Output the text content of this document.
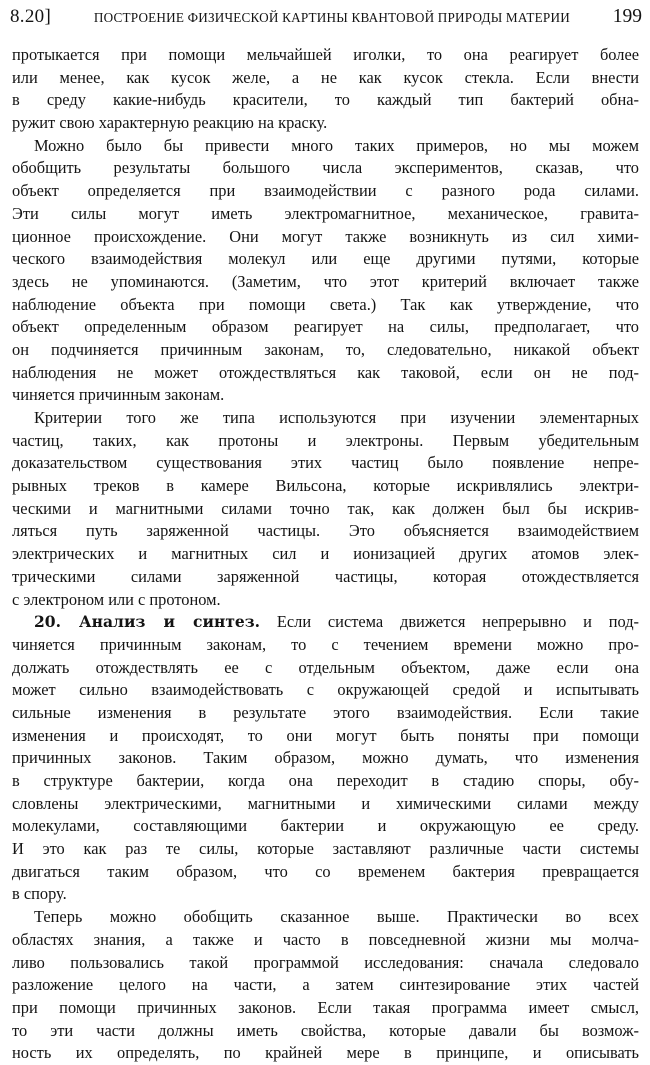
8.20]	ПОСТРОЕНИЕ ФИЗИЧЕСКОЙ КАРТИНЫ КВАНТОВОЙ ПРИРОДЫ МАТЕРИИ 199
протыкается при помощи мельчайшей иголки, то она реагирует более
или менее, как кусок желе, а не как кусок стекла. Если внести
в среду какие-нибудь красители, то каждый тип бактерий обна-
ружит свою характерную реакцию на краску.
Можно было бы привести много таких примеров, но мы можем
обобщить результаты большого числа экспериментов, сказав, что
объект определяется при взаимодействии с разного рода силами.
Эти силы могут иметь электромагнитное, механическое, гравита-
ционное происхождение. Они могут также возникнуть из сил хими-
ческого взаимодействия молекул или еще другими путями, которые
здесь не упоминаются. (Заметим, что этот критерий включает также
наблюдение объекта при помощи света.) Так как утверждение, что
объект определенным образом реагирует на силы, предполагает, что
он подчиняется причинным законам, то, следовательно, никакой объект
наблюдения не может отождествляться как таковой, если он не под-
чиняется причинным законам.
Критерии того же типа используются при изучении элементарных
частиц, таких, как протоны и электроны. Первым убедительным
доказательством существования этих частиц было появление непре-
рывных треков в камере Вильсона, которые искривлялись электри-
ческими и магнитными силами точно так, как должен был бы искрив-
ляться путь заряженной частицы. Это объясняется взаимодействием
электрических и магнитных сил и ионизацией других атомов элек-
трическими силами заряженной частицы, которая отождествляется
с электроном или с протоном.
20. Анализ и синтез. Если система движется непрерывно и под-
чиняется причинным законам, то с течением времени можно про-
должать отождествлять ее с отдельным объектом, даже если она
может сильно взаимодействовать с окружающей средой и испытывать
сильные изменения в результате этого взаимодействия. Если такие
изменения и происходят, то они могут быть поняты при помощи
причинных законов. Таким образом, можно думать, что изменения
в структуре бактерии, когда она переходит в стадию споры, обу-
словлены электрическими, магнитными и химическими силами между
молекулами, составляющими бактерии и окружающую ее среду.
И это как раз те силы, которые заставляют различные части системы
двигаться таким образом, что со временем бактерия превращается
в спору.
Теперь можно обобщить сказанное выше. Практически во всех
областях знания, а также и часто в повседневной жизни мы молча-
ливо пользовались такой программой исследования: сначала следовало
разложение целого на части, а затем синтезирование этих частей
при помощи причинных законов. Если такая программа имеет смысл,
то эти части должны иметь свойства, которые давали бы возмож-
ность их определять, по крайней мере в принципе, и описывать
